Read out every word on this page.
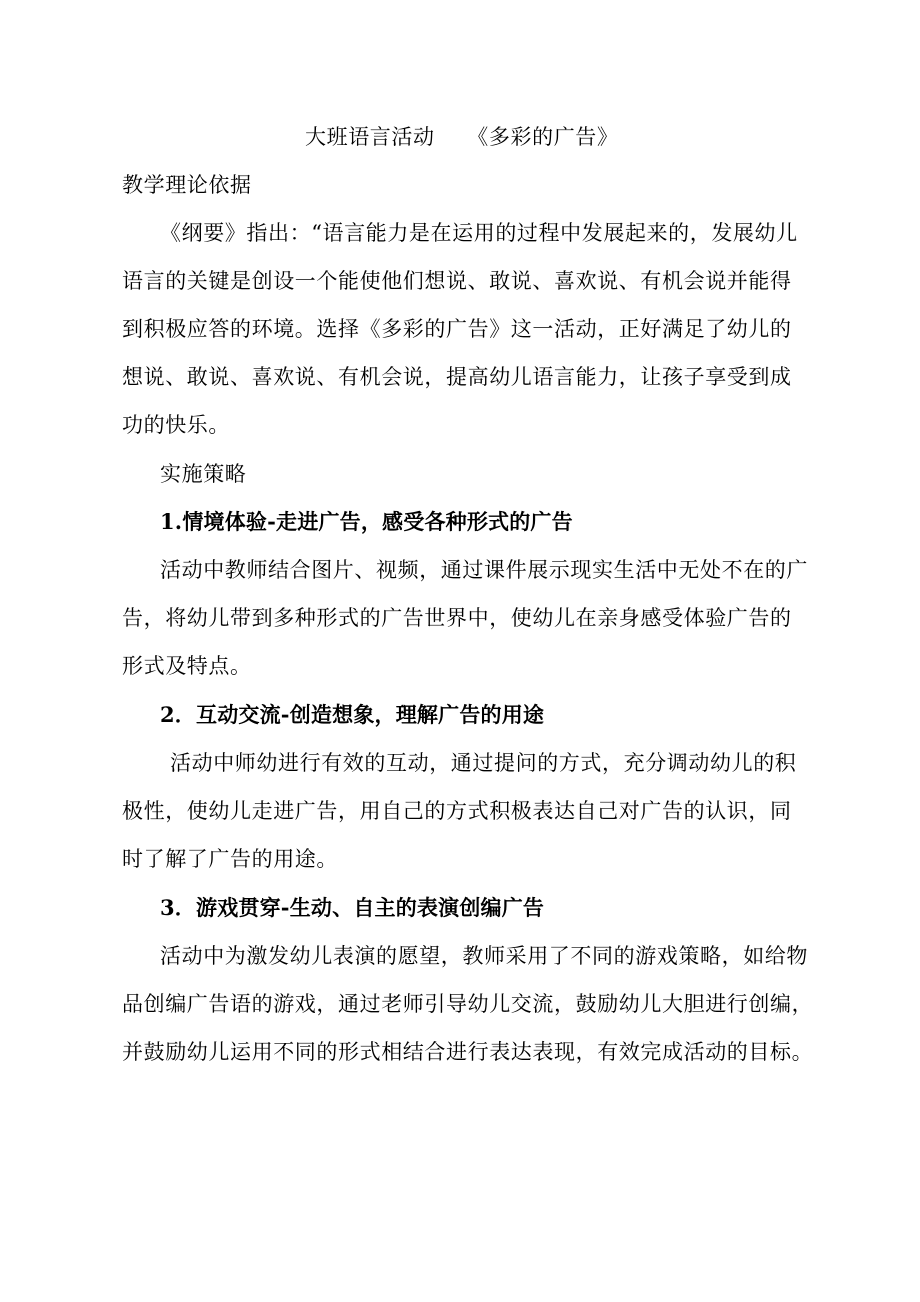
大班语言活动　　《多彩的广告》
教学理论依据
《纲要》指出：“语言能力是在运用的过程中发展起来的，发展幼儿
语言的关键是创设一个能使他们想说、敢说、喜欢说、有机会说并能得
到积极应答的环境。选择《多彩的广告》这一活动，正好满足了幼儿的
想说、敢说、喜欢说、有机会说，提高幼儿语言能力，让孩子享受到成
功的快乐。
实施策略
1.情境体验-走进广告，感受各种形式的广告
活动中教师结合图片、视频，通过课件展示现实生活中无处不在的广
告，将幼儿带到多种形式的广告世界中，使幼儿在亲身感受体验广告的
形式及特点。
2．互动交流-创造想象，理解广告的用途
活动中师幼进行有效的互动，通过提问的方式，充分调动幼儿的积
极性，使幼儿走进广告，用自己的方式积极表达自己对广告的认识，同
时了解了广告的用途。
3．游戏贯穿-生动、自主的表演创编广告
活动中为激发幼儿表演的愿望，教师采用了不同的游戏策略，如给物
品创编广告语的游戏，通过老师引导幼儿交流，鼓励幼儿大胆进行创编，
并鼓励幼儿运用不同的形式相结合进行表达表现，有效完成活动的目标。
